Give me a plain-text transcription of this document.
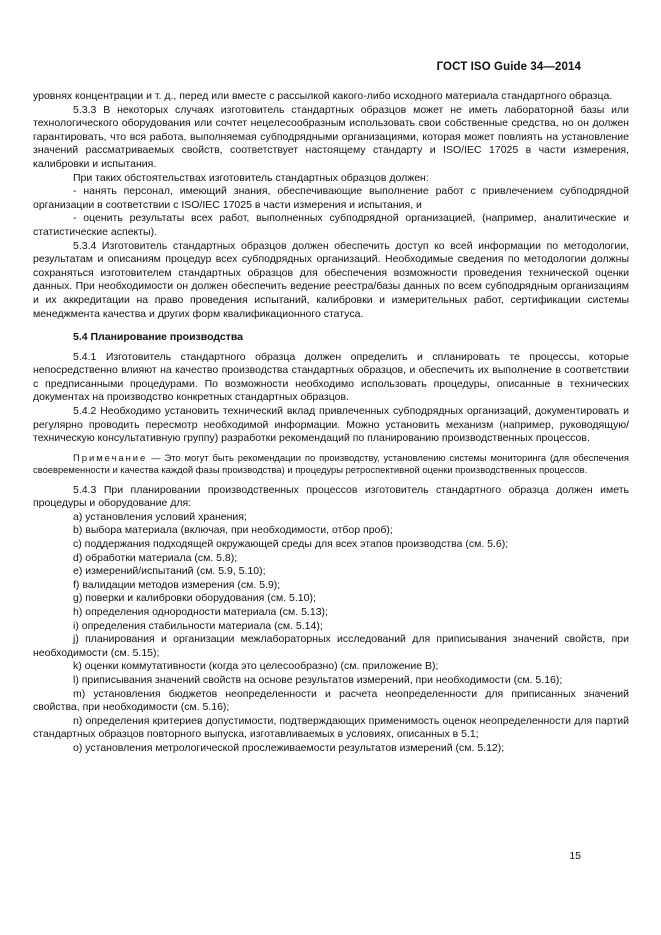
ГОСТ ISO Guide 34—2014

уровнях концентрации и т. д., перед или вместе с рассылкой какого-либо исходного материала стандартного образца.

5.3.3 В некоторых случаях изготовитель стандартных образцов может не иметь лабораторной базы или технологического оборудования или сочтет нецелесообразным использовать свои собственные средства, но он должен гарантировать, что вся работа, выполняемая субподрядными организациями, которая может повлиять на установление значений рассматриваемых свойств, соответствует настоящему стандарту и ISO/IEC 17025 в части измерения, калибровки и испытания.

При таких обстоятельствах изготовитель стандартных образцов должен:

- нанять персонал, имеющий знания, обеспечивающие выполнение работ с привлечением субподрядной организации в соответствии с ISO/IEC 17025 в части измерения и испытания, и

- оценить результаты всех работ, выполненных субподрядной организацией, (например, аналитические и статистические аспекты).

5.3.4 Изготовитель стандартных образцов должен обеспечить доступ ко всей информации по методологии, результатам и описаниям процедур всех субподрядных организаций. Необходимые сведения по методологии должны сохраняться изготовителем стандартных образцов для обеспечения возможности проведения технической оценки данных. При необходимости он должен обеспечить ведение реестра/базы данных по всем субподрядным организациям и их аккредитации на право проведения испытаний, калибровки и измерительных работ, сертификации системы менеджмента качества и других форм квалификационного статуса.

5.4 Планирование производства

5.4.1 Изготовитель стандартного образца должен определить и спланировать те процессы, которые непосредственно влияют на качество производства стандартных образцов, и обеспечить их выполнение в соответствии с предписанными процедурами. По возможности необходимо использовать процедуры, описанные в технических документах на производство конкретных стандартных образцов.

5.4.2 Необходимо установить технический вклад привлеченных субподрядных организаций, документировать и регулярно проводить пересмотр необходимой информации. Можно установить механизм (например, руководящую/техническую консультативную группу) разработки рекомендаций по планированию производственных процессов.

Примечание — Это могут быть рекомендации по производству, установлению системы мониторинга (для обеспечения своевременности и качества каждой фазы производства) и процедуры ретроспективной оценки производственных процессов.

5.4.3 При планировании производственных процессов изготовитель стандартного образца должен иметь процедуры и оборудование для:

a) установления условий хранения;

b) выбора материала (включая, при необходимости, отбор проб);

c) поддержания подходящей окружающей среды для всех этапов производства (см. 5.6);

d) обработки материала (см. 5.8);

e) измерений/испытаний (см. 5.9, 5.10);

f) валидации методов измерения (см. 5.9);

g) поверки и калибровки оборудования (см. 5.10);

h) определения однородности материала (см. 5.13);

i) определения стабильности материала (см. 5.14);

j) планирования и организации межлабораторных исследований для приписывания значений свойств, при необходимости (см. 5.15);

k) оценки коммутативности (когда это целесообразно) (см. приложение В);

l) приписывания значений свойств на основе результатов измерений, при необходимости (см. 5.16);

m) установления бюджетов неопределенности и расчета неопределенности для приписанных значений свойства, при необходимости (см. 5.16);

n) определения критериев допустимости, подтверждающих применимость оценок неопределенности для партий стандартных образцов повторного выпуска, изготавливаемых в условиях, описанных в 5.1;

o) установления метрологической прослеживаемости результатов измерений (см. 5.12);

15
